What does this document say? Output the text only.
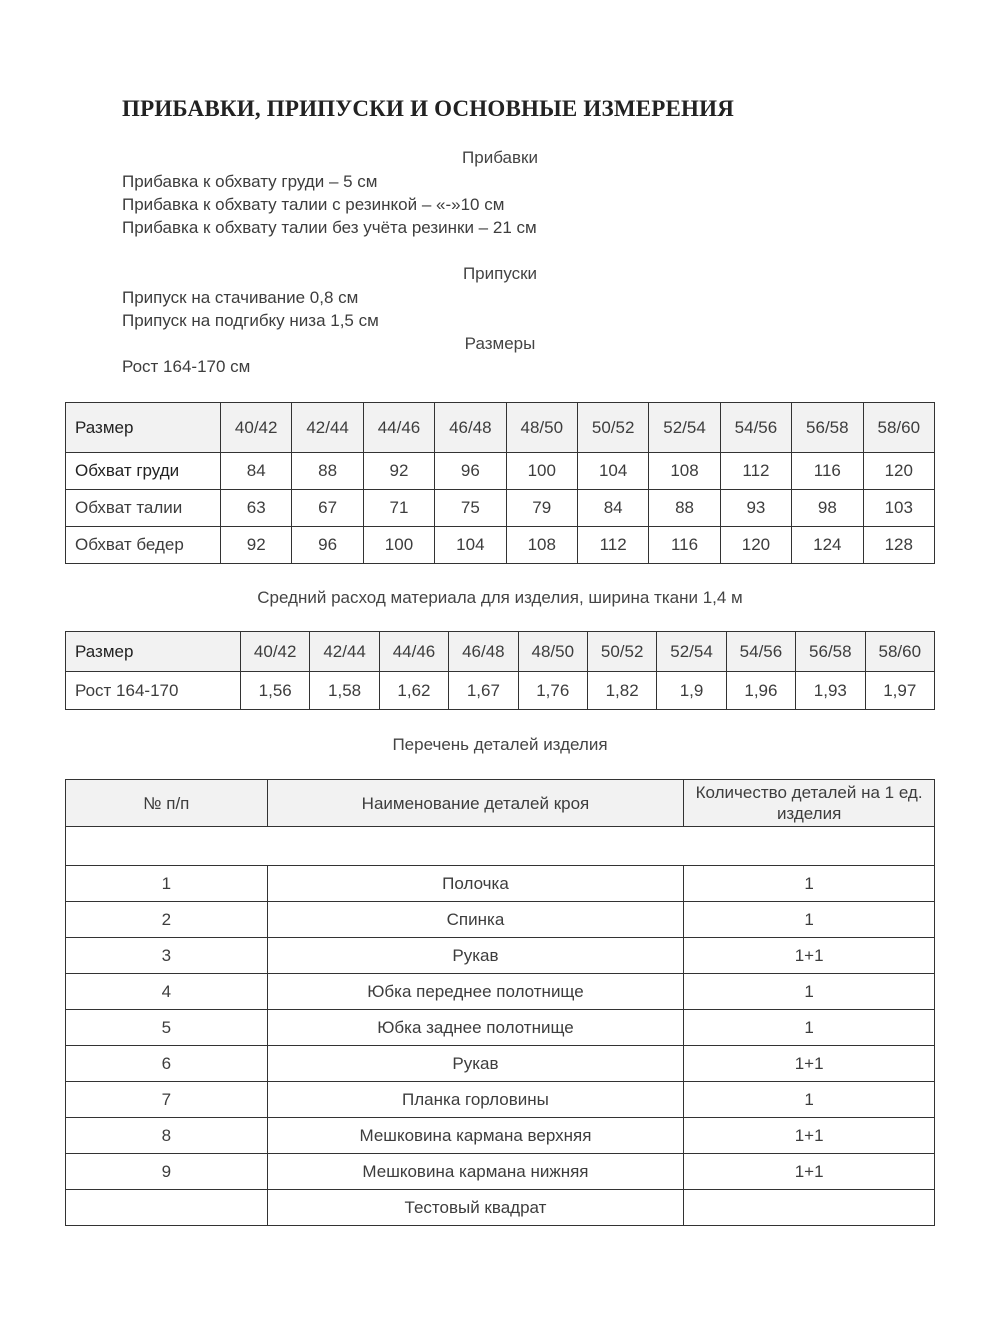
ПРИБАВКИ, ПРИПУСКИ И ОСНОВНЫЕ ИЗМЕРЕНИЯ
Прибавки
Прибавка к обхвату груди – 5 см
Прибавка к обхвату талии с резинкой – «-»10 см
Прибавка к обхвату талии без учёта резинки – 21 см
Припуски
Припуск на стачивание 0,8 см
Припуск на подгибку низа 1,5 см
Размеры
Рост 164-170 см
Размер	40/42	42/44	44/46	46/48	48/50	50/52	52/54	54/56	56/58	58/60
Обхват груди	84	88	92	96	100	104	108	112	116	120
Обхват талии	63	67	71	75	79	84	88	93	98	103
Обхват бедер	92	96	100	104	108	112	116	120	124	128
Средний расход материала для изделия, ширина ткани 1,4 м
Размер	40/42	42/44	44/46	46/48	48/50	50/52	52/54	54/56	56/58	58/60
Рост 164-170	1,56	1,58	1,62	1,67	1,76	1,82	1,9	1,96	1,93	1,97
Перечень деталей изделия
№ п/п	Наименование деталей кроя	Количество деталей на 1 ед. изделия

1	Полочка	1
2	Спинка	1
3	Рукав	1+1
4	Юбка переднее полотнище	1
5	Юбка заднее полотнище	1
6	Рукав	1+1
7	Планка горловины	1
8	Мешковина кармана верхняя	1+1
9	Мешковина кармана нижняя	1+1
	Тестовый квадрат	
